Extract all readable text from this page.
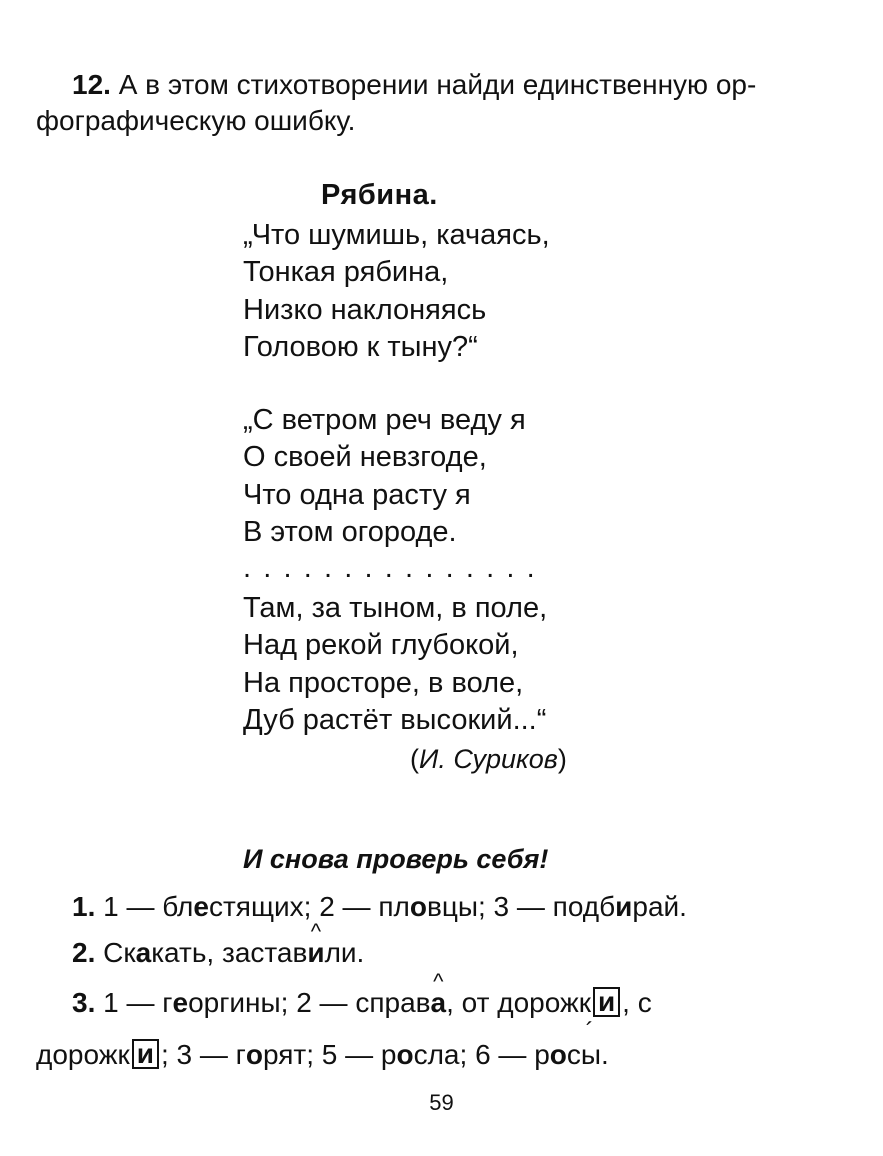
12. А в этом стихотворении найди единственную ор-
фографическую ошибку.
Рябина.
„Что шумишь, качаясь,
Тонкая рябина,
Низко наклоняясь
Головою к тыну?“
„С ветром реч веду я
О своей невзгоде,
Что одна расту я
В этом огороде.
...............
Там, за тыном, в поле,
Над рекой глубокой,
На просторе, в воле,
Дуб растёт высокий...“
(И. Суриков)
И снова проверь себя!
1. 1 — блестящих; 2 — пловцы; 3 — подбирай.
2. Скакать, застав
^
или.
3. 1 — георгины; 2 — справ
^
а, от дорожк и , с
дорожк и ; 3 — горят; 5 — росла; 6 — ро
´
сы.
59
